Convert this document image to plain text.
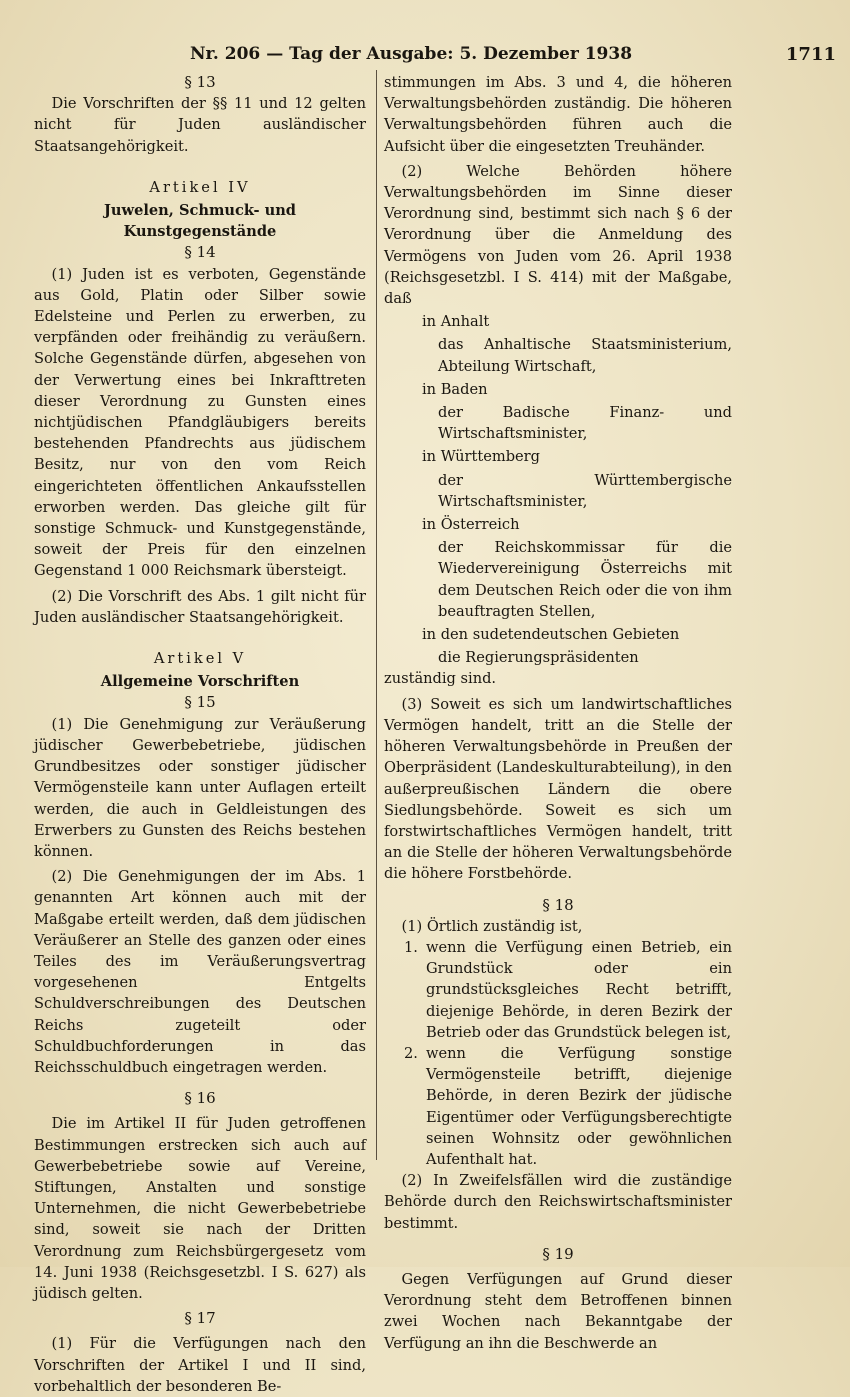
Nr. 206 — Tag der Ausgabe: 5. Dezember 1938	1711

§ 13

Die Vorschriften der §§ 11 und 12 gelten nicht für Juden ausländischer Staatsangehörigkeit.

Artikel IV

Juwelen, Schmuck- und Kunstgegenstände

§ 14

(1) Juden ist es verboten, Gegenstände aus Gold, Platin oder Silber sowie Edelsteine und Perlen zu erwerben, zu verpfänden oder freihändig zu veräußern. Solche Gegenstände dürfen, abgesehen von der Verwertung eines bei Inkrafttreten dieser Verordnung zu Gunsten eines nichtjüdischen Pfandgläubigers bereits bestehenden Pfandrechts aus jüdischem Besitz, nur von den vom Reich eingerichteten öffentlichen Ankaufsstellen erworben werden. Das gleiche gilt für sonstige Schmuck- und Kunstgegenstände, soweit der Preis für den einzelnen Gegenstand 1 000 Reichsmark übersteigt.

(2) Die Vorschrift des Abs. 1 gilt nicht für Juden ausländischer Staatsangehörigkeit.

Artikel V

Allgemeine Vorschriften

§ 15

(1) Die Genehmigung zur Veräußerung jüdischer Gewerbebetriebe, jüdischen Grundbesitzes oder sonstiger jüdischer Vermögensteile kann unter Auflagen erteilt werden, die auch in Geldleistungen des Erwerbers zu Gunsten des Reichs bestehen können.

(2) Die Genehmigungen der im Abs. 1 genannten Art können auch mit der Maßgabe erteilt werden, daß dem jüdischen Veräußerer an Stelle des ganzen oder eines Teiles des im Veräußerungsvertrag vorgesehenen Entgelts Schuldverschreibungen des Deutschen Reichs zugeteilt oder Schuldbuchforderungen in das Reichsschuldbuch eingetragen werden.

§ 16

Die im Artikel II für Juden getroffenen Bestimmungen erstrecken sich auch auf Gewerbebetriebe sowie auf Vereine, Stiftungen, Anstalten und sonstige Unternehmen, die nicht Gewerbebetriebe sind, soweit sie nach der Dritten Verordnung zum Reichsbürgergesetz vom 14. Juni 1938 (Reichsgesetzbl. I S. 627) als jüdisch gelten.

§ 17

(1) Für die Verfügungen nach den Vorschriften der Artikel I und II sind, vorbehaltlich der besonderen Be-

stimmungen im Abs. 3 und 4, die höheren Verwaltungsbehörden zuständig. Die höheren Verwaltungsbehörden führen auch die Aufsicht über die eingesetzten Treuhänder.

(2) Welche Behörden höhere Verwaltungsbehörden im Sinne dieser Verordnung sind, bestimmt sich nach § 6 der Verordnung über die Anmeldung des Vermögens von Juden vom 26. April 1938 (Reichsgesetzbl. I S. 414) mit der Maßgabe, daß

in Anhalt

das Anhaltische Staatsministerium, Abteilung Wirtschaft,

in Baden

der Badische Finanz- und Wirtschaftsminister,

in Württemberg

der Württembergische Wirtschaftsminister,

in Österreich

der Reichskommissar für die Wiedervereinigung Österreichs mit dem Deutschen Reich oder die von ihm beauftragten Stellen,

in den sudetendeutschen Gebieten

die Regierungspräsidenten

zuständig sind.

(3) Soweit es sich um landwirtschaftliches Vermögen handelt, tritt an die Stelle der höheren Verwaltungsbehörde in Preußen der Oberpräsident (Landeskulturabteilung), in den außerpreußischen Ländern die obere Siedlungsbehörde. Soweit es sich um forstwirtschaftliches Vermögen handelt, tritt an die Stelle der höheren Verwaltungsbehörde die höhere Forstbehörde.

§ 18

(1) Örtlich zuständig ist,

1. wenn die Verfügung einen Betrieb, ein Grundstück oder ein grundstücksgleiches Recht betrifft, diejenige Behörde, in deren Bezirk der Betrieb oder das Grundstück belegen ist,
2. wenn die Verfügung sonstige Vermögensteile betrifft, diejenige Behörde, in deren Bezirk der jüdische Eigentümer oder Verfügungsberechtigte seinen Wohnsitz oder gewöhnlichen Aufenthalt hat.

(2) In Zweifelsfällen wird die zuständige Behörde durch den Reichswirtschaftsminister bestimmt.

§ 19

Gegen Verfügungen auf Grund dieser Verordnung steht dem Betroffenen binnen zwei Wochen nach Bekanntgabe der Verfügung an ihn die Beschwerde an
